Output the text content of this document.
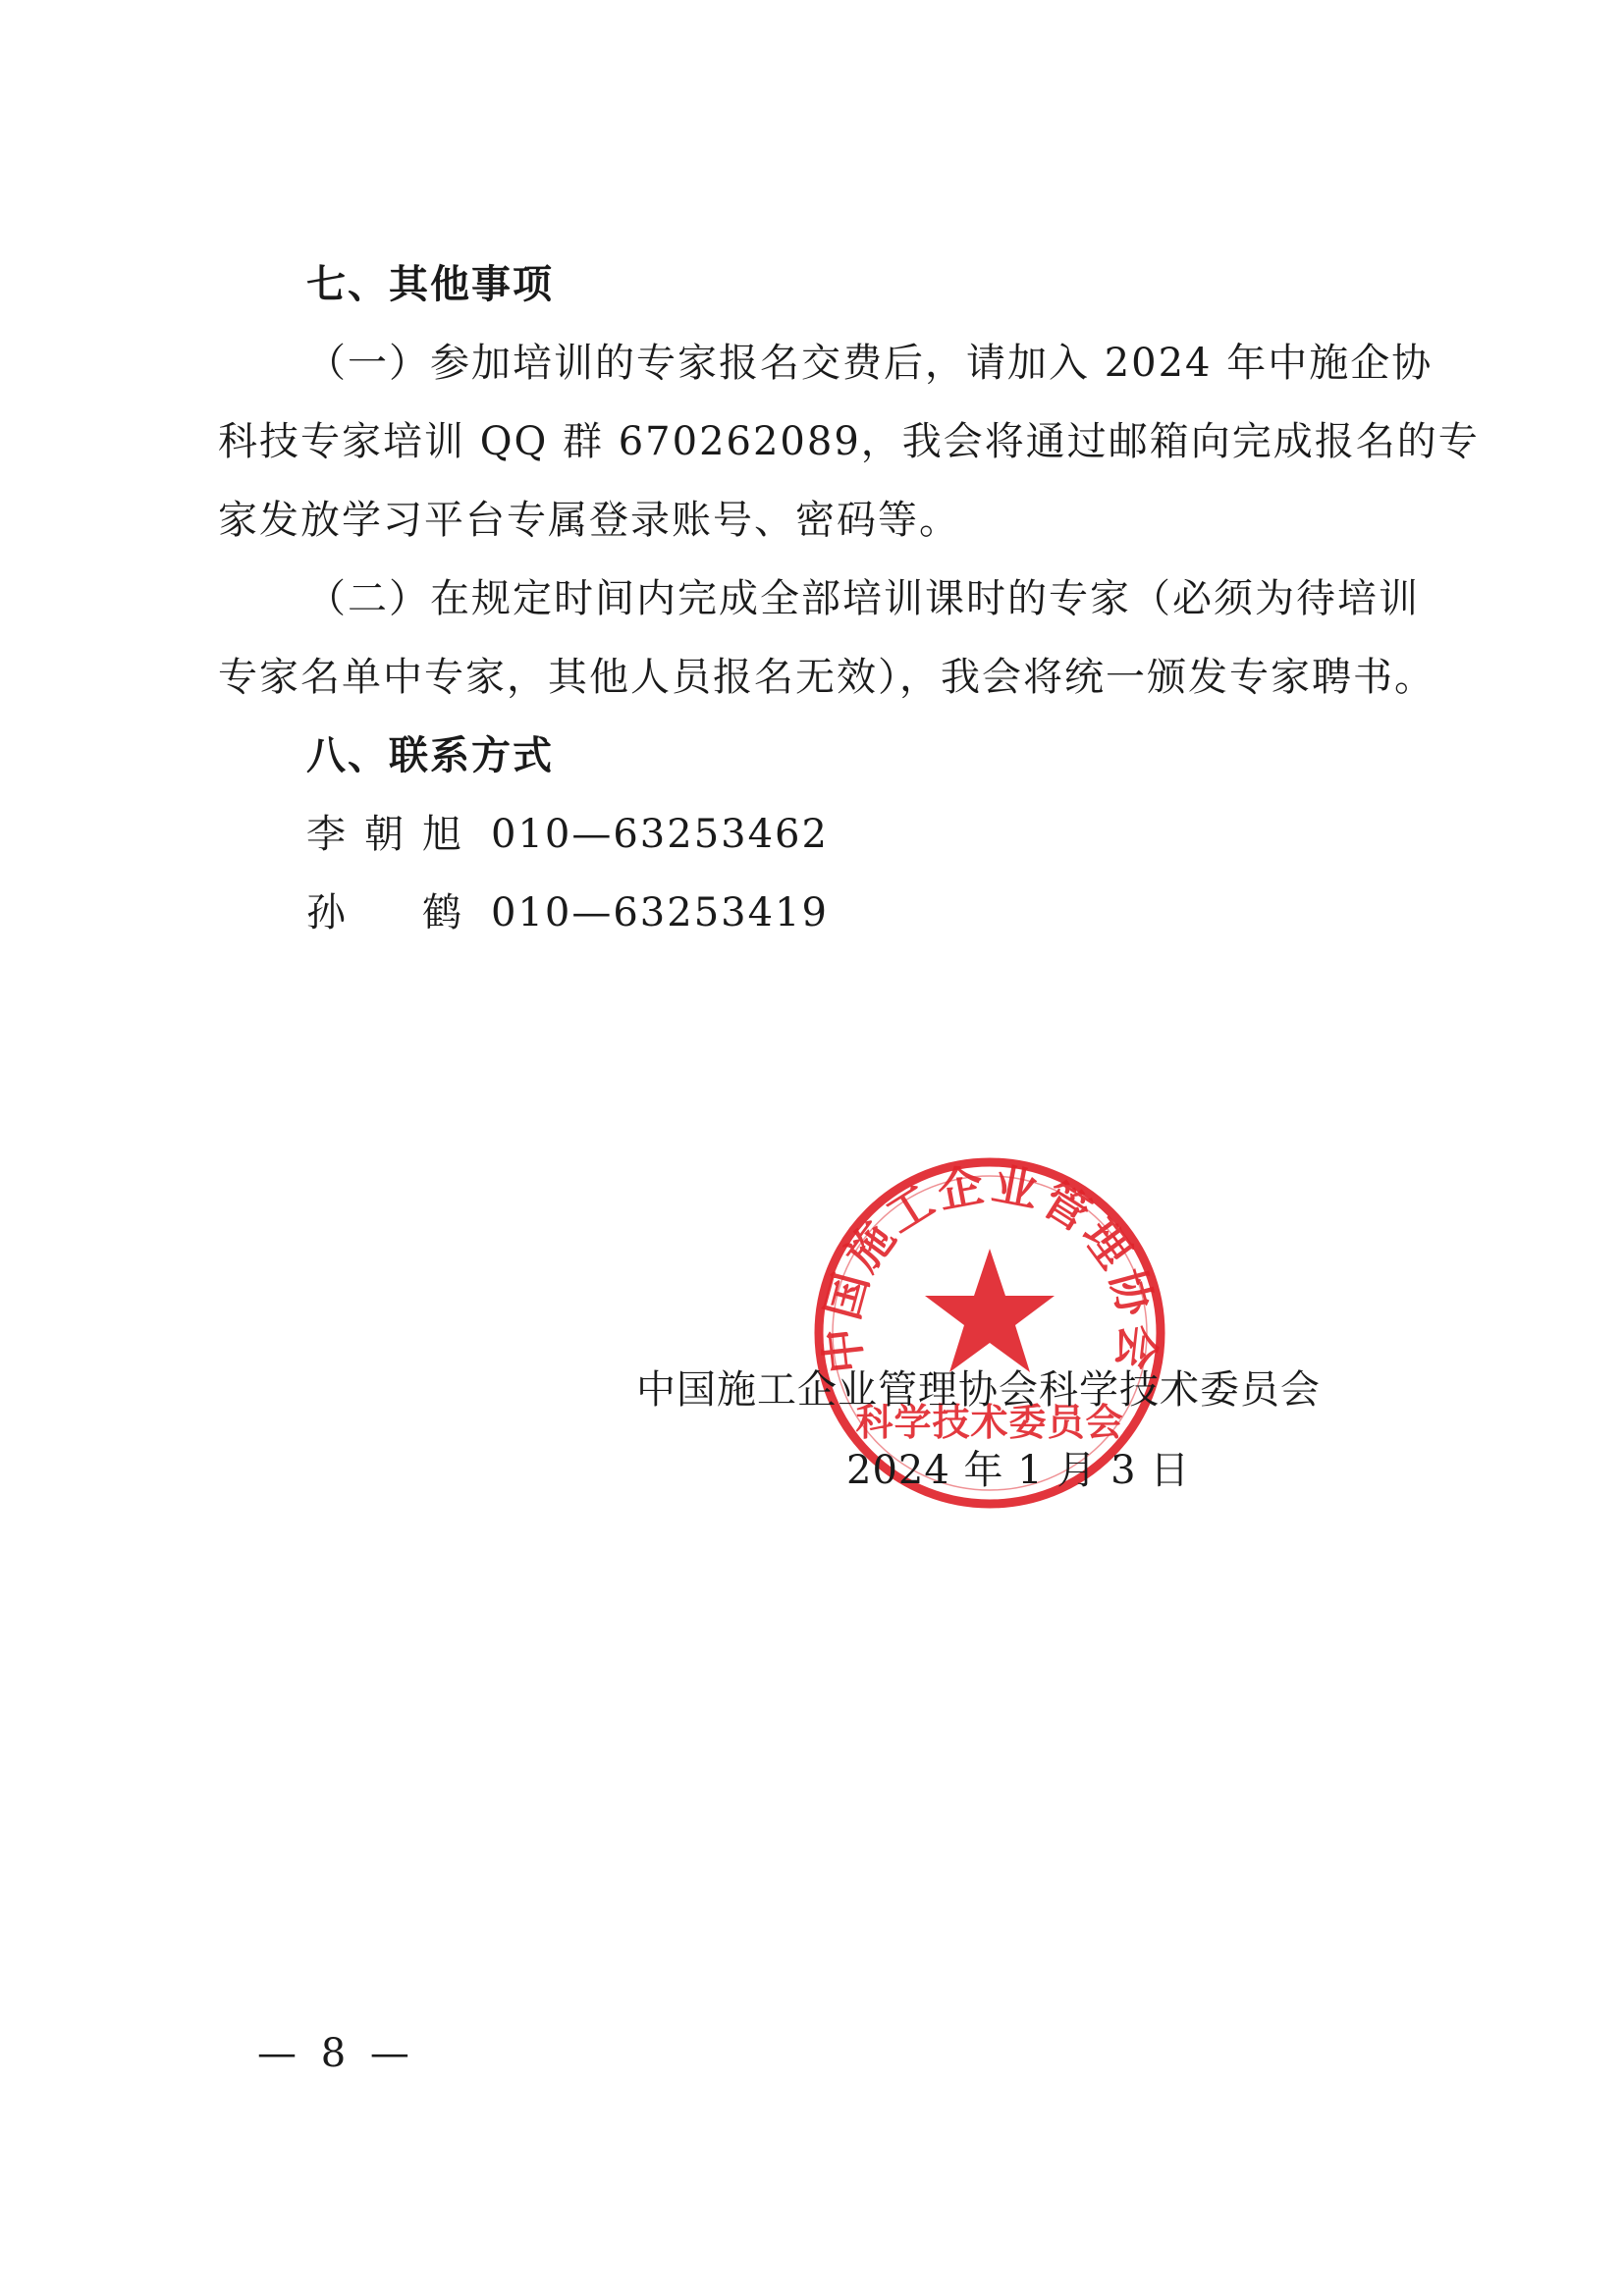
七、其他事项
（一）参加培训的专家报名交费后，请加入 2024 年中施企协
科技专家培训 QQ 群 670262089，我会将通过邮箱向完成报名的专
家发放学习平台专属登录账号、密码等。
（二）在规定时间内完成全部培训课时的专家（必须为待培训
专家名单中专家，其他人员报名无效），我会将统一颁发专家聘书。
八、联系方式
李朝旭 010—63253462
孙鹤 010—63253419
中国施工企业管理协会
科学技术委员会
中国施工企业管理协会科学技术委员会
2024 年 1 月 3 日
— 8 —
